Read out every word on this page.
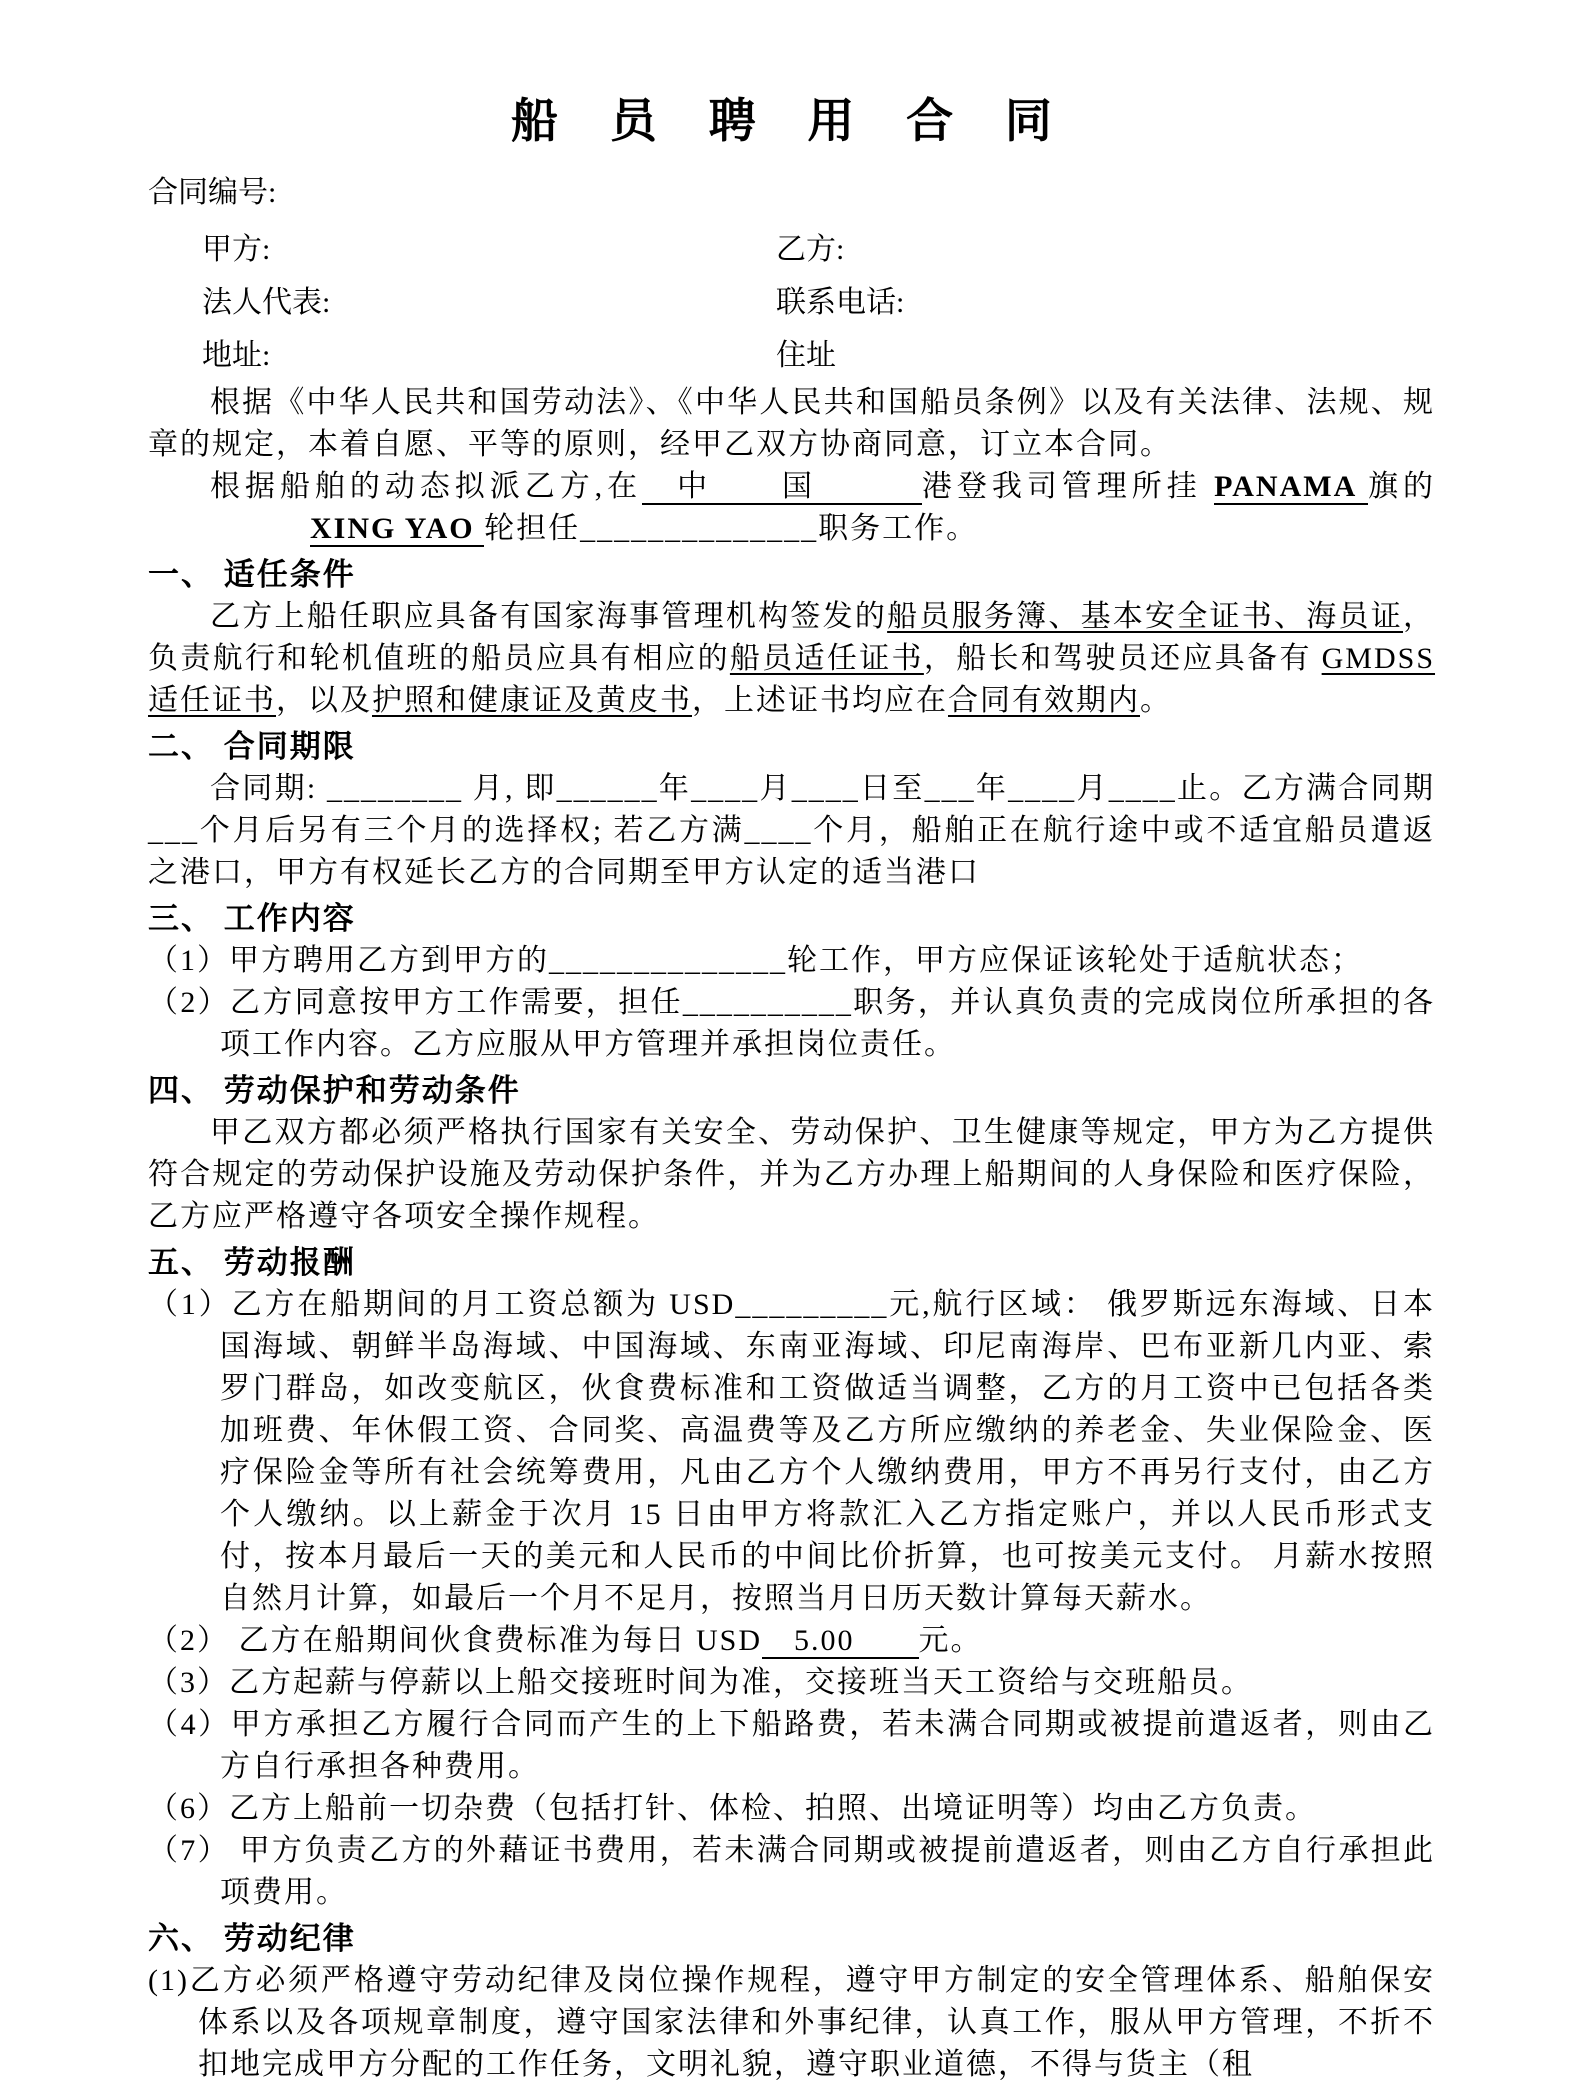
船 员 聘 用 合 同
合同编号:
甲方:	乙方:
法人代表:	联系电话:
地址:	住址

根据《中华人民共和国劳动法》、《中华人民共和国船员条例》以及有关法律、法规、规章的规定，本着自愿、平等的原则，经甲乙双方协商同意，订立本合同。

根据船舶的动态拟派乙方,在　中　　国　　　港登我司管理所挂 PANAMA 旗的

XING YAO 轮担任______________职务工作。

一、 适任条件

乙方上船任职应具备有国家海事管理机构签发的船员服务簿、基本安全证书、海员证，负责航行和轮机值班的船员应具有相应的船员适任证书，船长和驾驶员还应具备有 GMDSS 适任证书，以及护照和健康证及黄皮书，上述证书均应在合同有效期内。

二、 合同期限

合同期: ________ 月, 即______年____月____日至___年____月____止。乙方满合同期___个月后另有三个月的选择权; 若乙方满____个月，船舶正在航行途中或不适宜船员遣返之港口，甲方有权延长乙方的合同期至甲方认定的适当港口

三、 工作内容

（1）甲方聘用乙方到甲方的______________轮工作，甲方应保证该轮处于适航状态；

（2）乙方同意按甲方工作需要，担任__________职务，并认真负责的完成岗位所承担的各项工作内容。乙方应服从甲方管理并承担岗位责任。

四、 劳动保护和劳动条件

甲乙双方都必须严格执行国家有关安全、劳动保护、卫生健康等规定，甲方为乙方提供符合规定的劳动保护设施及劳动保护条件，并为乙方办理上船期间的人身保险和医疗保险，乙方应严格遵守各项安全操作规程。

五、 劳动报酬

（1）乙方在船期间的月工资总额为 USD_________元,航行区域： 俄罗斯远东海域、日本国海域、朝鲜半岛海域、中国海域、东南亚海域、印尼南海岸、巴布亚新几内亚、索罗门群岛，如改变航区，伙食费标准和工资做适当调整，乙方的月工资中已包括各类加班费、年休假工资、合同奖、高温费等及乙方所应缴纳的养老金、失业保险金、医疗保险金等所有社会统筹费用，凡由乙方个人缴纳费用，甲方不再另行支付，由乙方个人缴纳。以上薪金于次月 15 日由甲方将款汇入乙方指定账户，并以人民币形式支付，按本月最后一天的美元和人民币的中间比价折算，也可按美元支付。 月薪水按照自然月计算，如最后一个月不足月，按照当月日历天数计算每天薪水。

（2） 乙方在船期间伙食费标准为每日 USD　5.00　　元。

（3）乙方起薪与停薪以上船交接班时间为准，交接班当天工资给与交班船员。

（4）甲方承担乙方履行合同而产生的上下船路费，若未满合同期或被提前遣返者，则由乙方自行承担各种费用。

（6）乙方上船前一切杂费（包括打针、体检、拍照、出境证明等）均由乙方负责。

（7） 甲方负责乙方的外藉证书费用，若未满合同期或被提前遣返者，则由乙方自行承担此项费用。

六、 劳动纪律

(1)乙方必须严格遵守劳动纪律及岗位操作规程，遵守甲方制定的安全管理体系、船舶保安体系以及各项规章制度，遵守国家法律和外事纪律，认真工作，服从甲方管理，不折不扣地完成甲方分配的工作任务，文明礼貌，遵守职业道德，不得与货主（租
